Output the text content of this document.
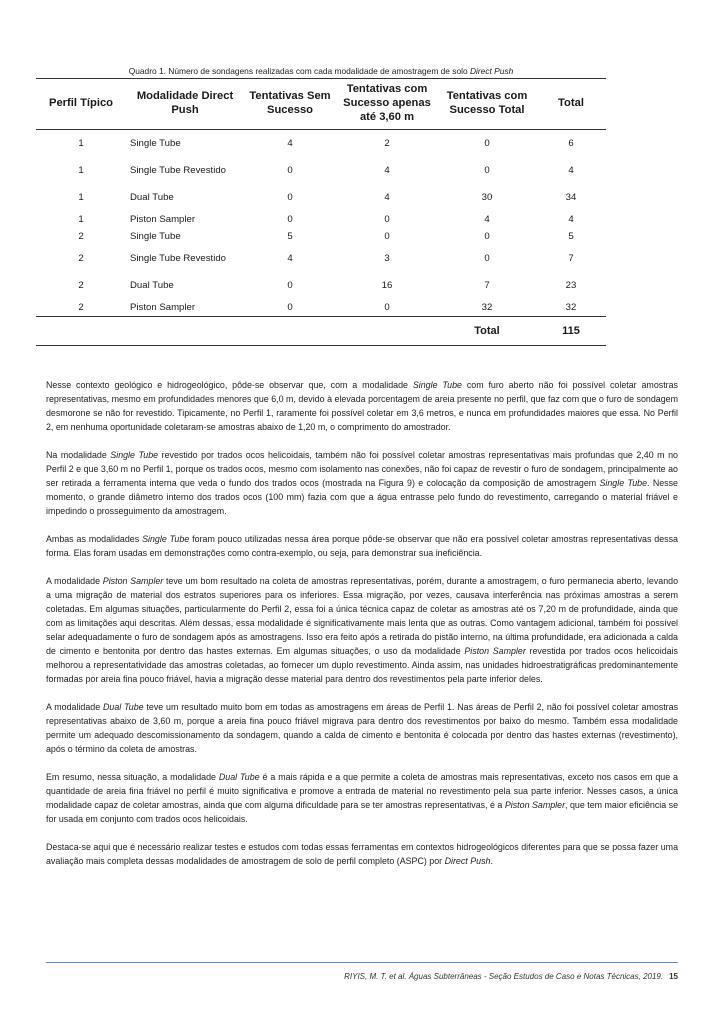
Quadro 1. Número de sondagens realizadas com cada modalidade de amostragem de solo Direct Push
Perfil Típico	Modalidade Direct Push	Tentativas Sem Sucesso	Tentativas com Sucesso apenas até 3,60 m	Tentativas com Sucesso Total	Total
1	Single Tube	4	2	0	6
1	Single Tube Revestido	0	4	0	4
1	Dual Tube	0	4	30	34
1	Piston Sampler	0	0	4	4
2	Single Tube	5	0	0	5
2	Single Tube Revestido	4	3	0	7
2	Dual Tube	0	16	7	23
2	Piston Sampler	0	0	32	32
				Total	115

Nesse contexto geológico e hidrogeológico, pôde-se observar que, com a modalidade Single Tube com furo aberto não foi possível coletar amostras representativas, mesmo em profundidades menores que 6,0 m, devido à elevada porcentagem de areia presente no perfil, que faz com que o furo de sondagem desmorone se não for revestido. Tipicamente, no Perfil 1, raramente foi possível coletar em 3,6 metros, e nunca em profundidades maiores que essa. No Perfil 2, em nenhuma oportunidade coletaram-se amostras abaixo de 1,20 m, o comprimento do amostrador.

Na modalidade Single Tube revestido por trados ocos helicoidais, também não foi possível coletar amostras representativas mais profundas que 2,40 m no Perfil 2 e que 3,60 m no Perfil 1, porque os trados ocos, mesmo com isolamento nas conexões, não foi capaz de revestir o furo de sondagem, principalmente ao ser retirada a ferramenta interna que veda o fundo dos trados ocos (mostrada na Figura 9) e colocação da composição de amostragem Single Tube. Nesse momento, o grande diâmetro interno dos trados ocos (100 mm) fazia com que a água entrasse pelo fundo do revestimento, carregando o material friável e impedindo o prosseguimento da amostragem.

Ambas as modalidades Single Tube foram pouco utilizadas nessa área porque pôde-se observar que não era possível coletar amostras representativas dessa forma. Elas foram usadas em demonstrações como contra-exemplo, ou seja, para demonstrar sua ineficiência.

A modalidade Piston Sampler teve um bom resultado na coleta de amostras representativas, porém, durante a amostragem, o furo permanecia aberto, levando a uma migração de material dos estratos superiores para os inferiores. Essa migração, por vezes, causava interferência nas próximas amostras a serem coletadas. Em algumas situações, particularmente do Perfil 2, essa foi a única técnica capaz de coletar as amostras até os 7,20 m de profundidade, ainda que com as limitações aqui descritas. Além dessas, essa modalidade é significativamente mais lenta que as outras. Como vantagem adicional, também foi possível selar adequadamente o furo de sondagem após as amostragens. Isso era feito após a retirada do pistão interno, na última profundidade, era adicionada a calda de cimento e bentonita por dentro das hastes externas. Em algumas situações, o uso da modalidade Piston Sampler revestida por trados ocos helicoidais melhorou a representatividade das amostras coletadas, ao fornecer um duplo revestimento. Ainda assim, nas unidades hidroestratigráficas predominantemente formadas por areia fina pouco friável, havia a migração desse material para dentro dos revestimentos pela parte inferior deles.

A modalidade Dual Tube teve um resultado muito bom em todas as amostragens em áreas de Perfil 1. Nas áreas de Perfil 2, não foi possível coletar amostras representativas abaixo de 3,60 m, porque a areia fina pouco friável migrava para dentro dos revestimentos por baixo do mesmo. Também essa modalidade permite um adequado descomissionamento da sondagem, quando a calda de cimento e bentonita é colocada por dentro das hastes externas (revestimento), após o término da coleta de amostras.

Em resumo, nessa situação, a modalidade Dual Tube é a mais rápida e a que permite a coleta de amostras mais representativas, exceto nos casos em que a quantidade de areia fina friável no perfil é muito significativa e promove a entrada de material no revestimento pela sua parte inferior. Nesses casos, a única modalidade capaz de coletar amostras, ainda que com alguma dificuldade para se ter amostras representativas, é a Piston Sampler, que tem maior eficiência se for usada em conjunto com trados ocos helicoidais.

Destaca-se aqui que é necessário realizar testes e estudos com todas essas ferramentas em contextos hidrogeológicos diferentes para que se possa fazer uma avaliação mais completa dessas modalidades de amostragem de solo de perfil completo (ASPC) por Direct Push.

RIYIS, M. T. et al. Águas Subterrâneas - Seção Estudos de Caso e Notas Técnicas, 2019. 15
